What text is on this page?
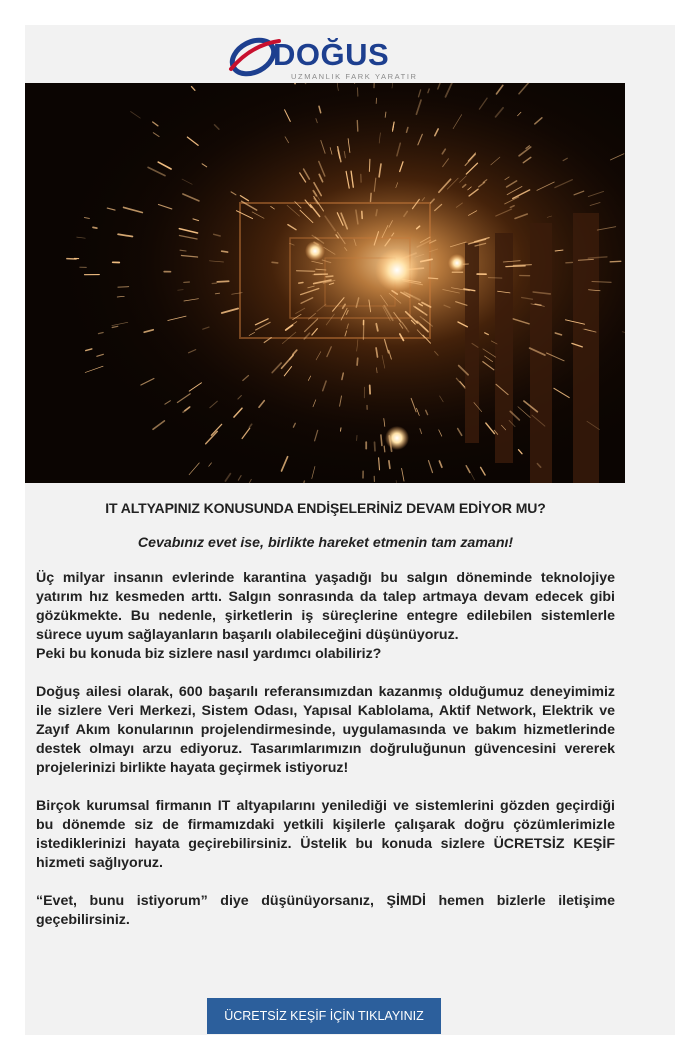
DOĞUS
UZMANLIK FARK YARATIR

IT ALTYAPINIZ KONUSUNDA ENDİŞELERİNİZ DEVAM EDİYOR MU?

Cevabınız evet ise, birlikte hareket etmenin tam zamanı!

Üç milyar insanın evlerinde karantina yaşadığı bu salgın döneminde teknolojiye yatırım hız kesmeden arttı. Salgın sonrasında da talep artmaya devam edecek gibi gözükmekte. Bu nedenle, şirketlerin iş süreçlerine entegre edilebilen sistemlerle sürece uyum sağlayanların başarılı olabileceğini düşünüyoruz.
Peki bu konuda biz sizlere nasıl yardımcı olabiliriz?

Doğuş ailesi olarak, 600 başarılı referansımızdan kazanmış olduğumuz deneyimimiz ile sizlere Veri Merkezi, Sistem Odası, Yapısal Kablolama, Aktif Network, Elektrik ve Zayıf Akım konularının projelendirmesinde, uygulamasında ve bakım hizmetlerinde destek olmayı arzu ediyoruz. Tasarımlarımızın doğruluğunun güvencesini vererek projelerinizi birlikte hayata geçirmek istiyoruz!

Birçok kurumsal firmanın IT altyapılarını yenilediği ve sistemlerini gözden geçirdiği bu dönemde siz de firmamızdaki yetkili kişilerle çalışarak doğru çözümlerimizle istediklerinizi hayata geçirebilirsiniz. Üstelik bu konuda sizlere ÜCRETSİZ KEŞİF hizmeti sağlıyoruz.

“Evet, bunu istiyorum” diye düşünüyorsanız, ŞİMDİ hemen bizlerle iletişime geçebilirsiniz.

ÜCRETSİZ KEŞİF İÇİN TIKLAYINIZ
